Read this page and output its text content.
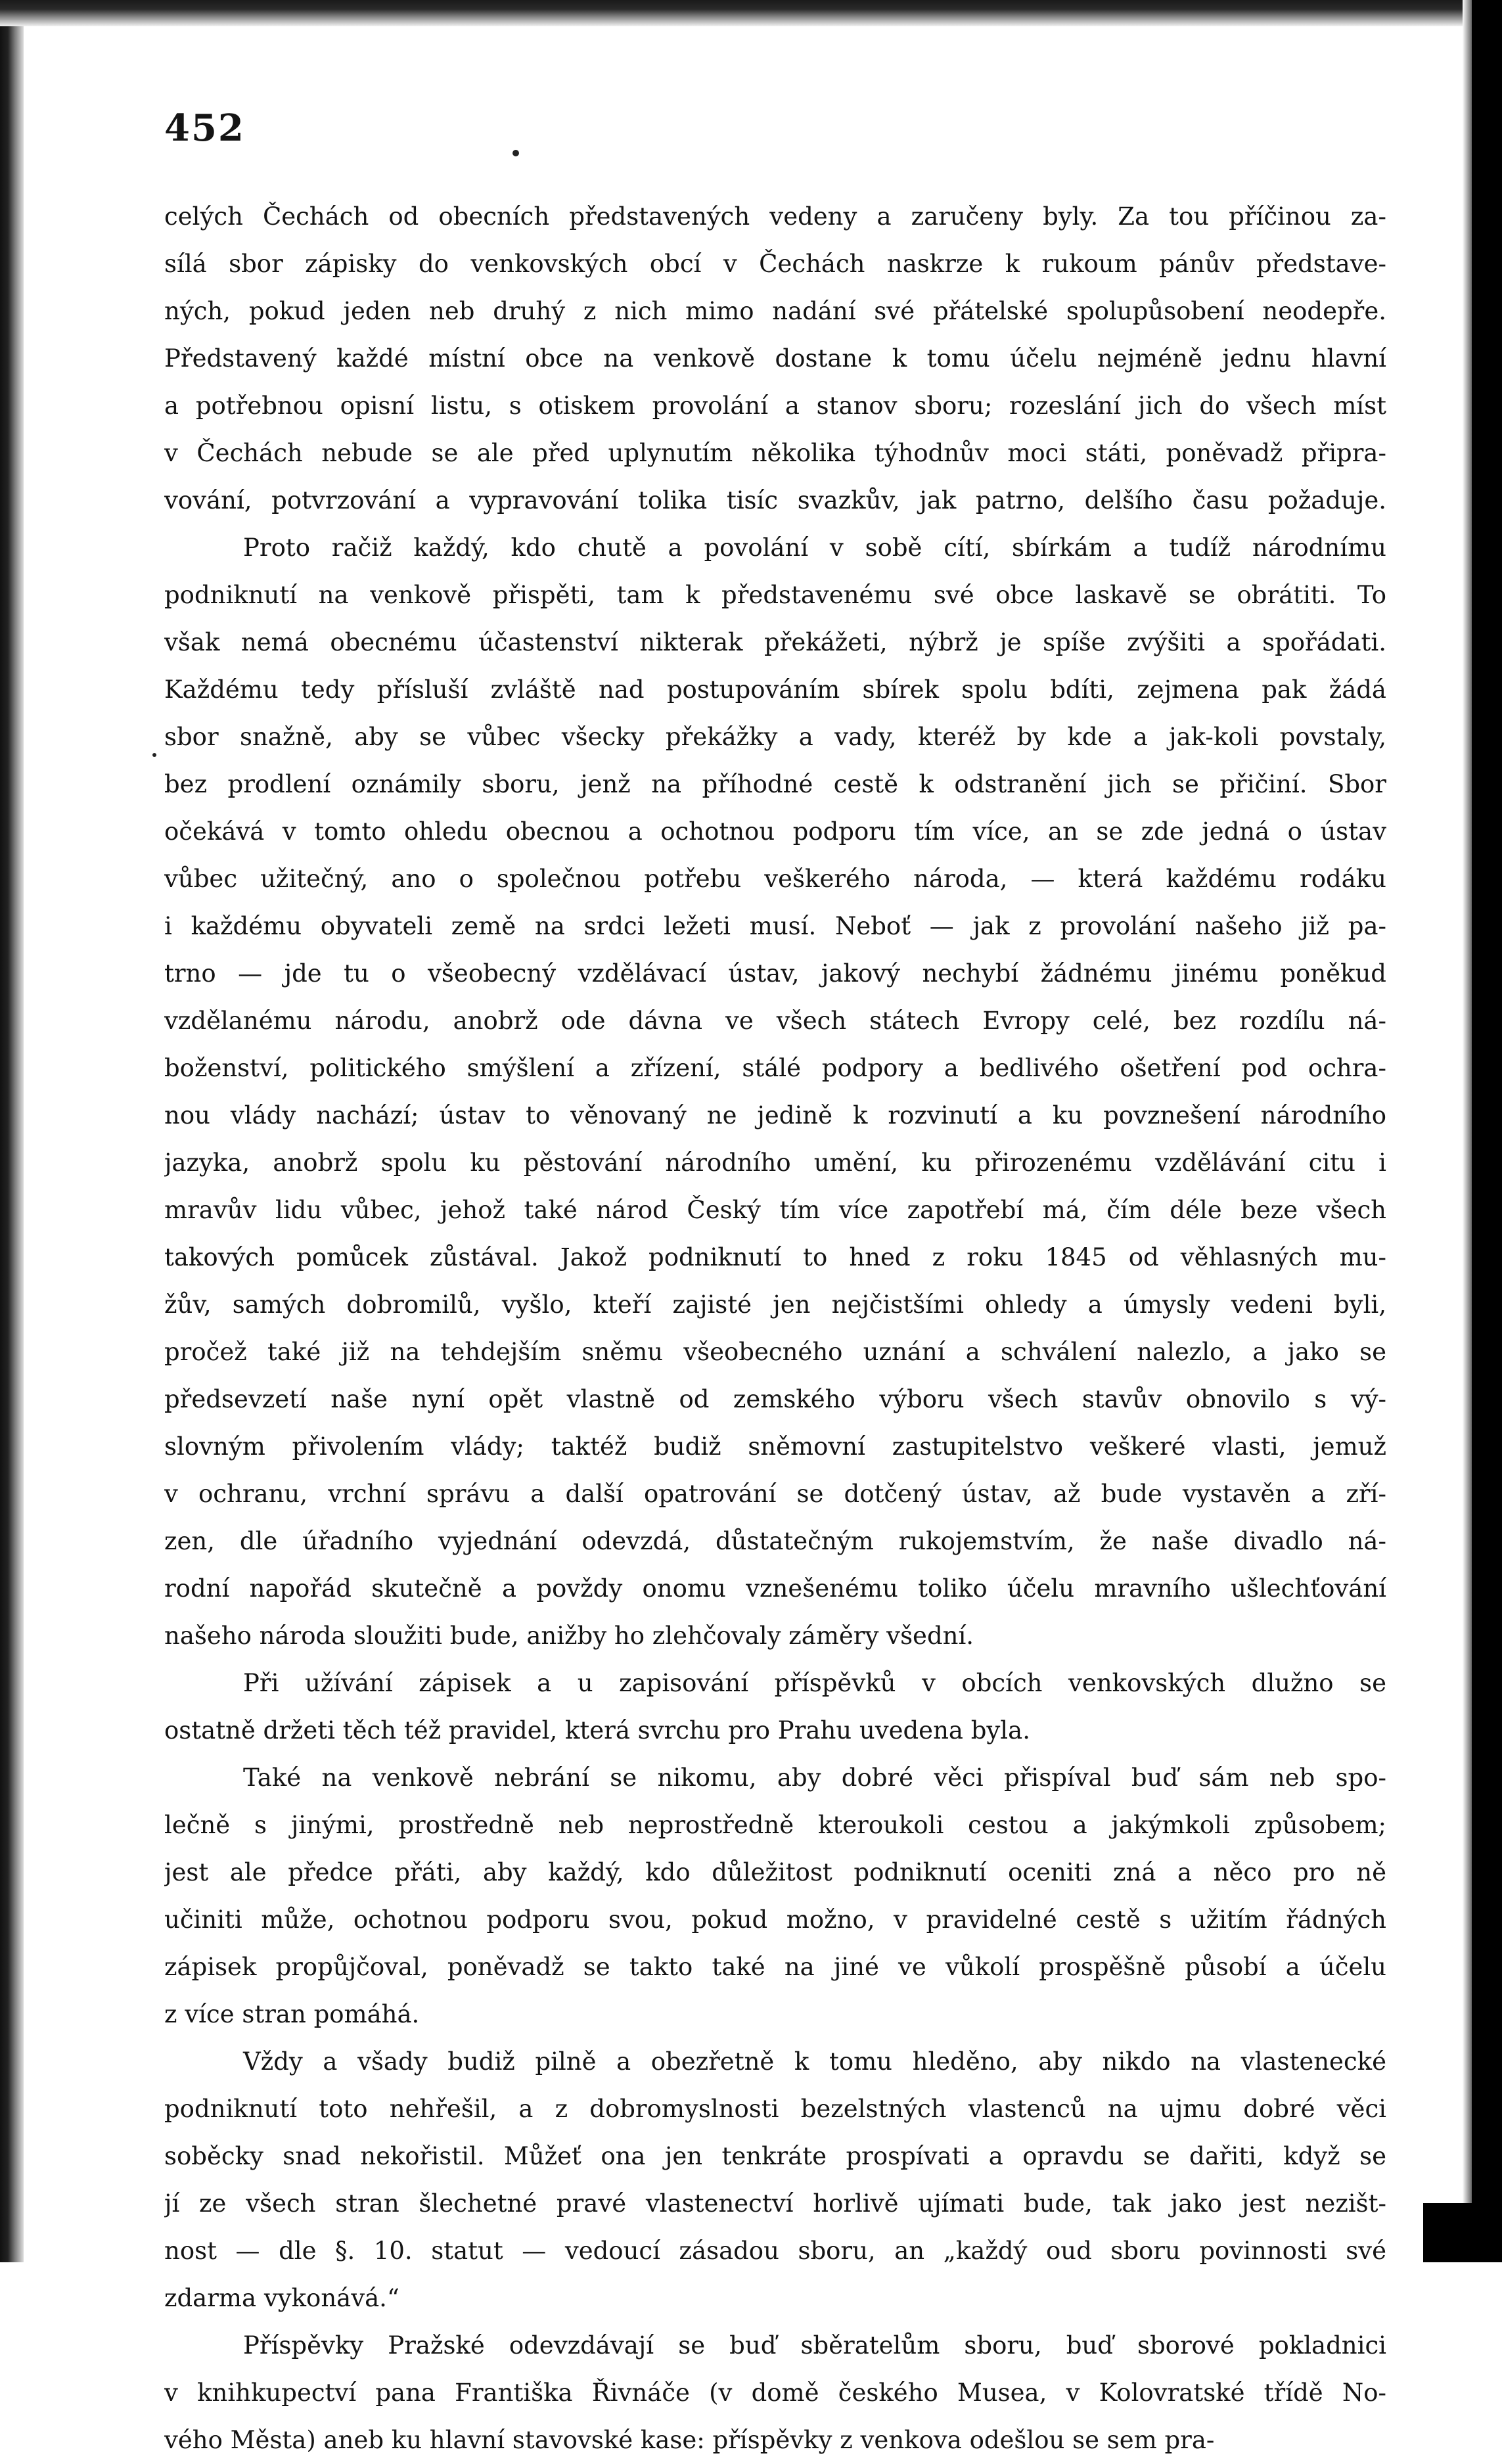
452
celých Čechách od obecních představených vedeny a zaručeny byly. Za tou příčinou za-
sílá sbor zápisky do venkovských obcí v Čechách naskrze k rukoum pánův představe-
ných, pokud jeden neb druhý z nich mimo nadání své přátelské spolupůsobení neodepře.
Představený každé místní obce na venkově dostane k tomu účelu nejméně jednu hlavní
a potřebnou opisní listu, s otiskem provolání a stanov sboru; rozeslání jich do všech míst
v Čechách nebude se ale před uplynutím několika týhodnův moci státi, poněvadž připra-
vování, potvrzování a vypravování tolika tisíc svazkův, jak patrno, delšího času požaduje.
Proto račiž každý, kdo chutě a povolání v sobě cítí, sbírkám a tudíž národnímu
podniknutí na venkově přispěti, tam k představenému své obce laskavě se obrátiti. To
však nemá obecnému účastenství nikterak překážeti, nýbrž je spíše zvýšiti a spořádati.
Každému tedy přísluší zvláště nad postupováním sbírek spolu bdíti, zejmena pak žádá
sbor snažně, aby se vůbec všecky překážky a vady, kteréž by kde a jak-koli povstaly,
bez prodlení oznámily sboru, jenž na příhodné cestě k odstranění jich se přičiní. Sbor
očekává v tomto ohledu obecnou a ochotnou podporu tím více, an se zde jedná o ústav
vůbec užitečný, ano o společnou potřebu veškerého národa, — která každému rodáku
i každému obyvateli země na srdci ležeti musí. Neboť — jak z provolání našeho již pa-
trno — jde tu o všeobecný vzdělávací ústav, jakový nechybí žádnému jinému poněkud
vzdělanému národu, anobrž ode dávna ve všech státech Evropy celé, bez rozdílu ná-
boženství, politického smýšlení a zřízení, stálé podpory a bedlivého ošetření pod ochra-
nou vlády nachází; ústav to věnovaný ne jedině k rozvinutí a ku povznešení národního
jazyka, anobrž spolu ku pěstování národního umění, ku přirozenému vzdělávání citu i
mravův lidu vůbec, jehož také národ Český tím více zapotřebí má, čím déle beze všech
takových pomůcek zůstával. Jakož podniknutí to hned z roku 1845 od věhlasných mu-
žův, samých dobromilů, vyšlo, kteří zajisté jen nejčistšími ohledy a úmysly vedeni byli,
pročež také již na tehdejším sněmu všeobecného uznání a schválení nalezlo, a jako se
předsevzetí naše nyní opět vlastně od zemského výboru všech stavův obnovilo s vý-
slovným přivolením vlády; taktéž budiž sněmovní zastupitelstvo veškeré vlasti, jemuž
v ochranu, vrchní správu a další opatrování se dotčený ústav, až bude vystavěn a zří-
zen, dle úřadního vyjednání odevzdá, důstatečným rukojemstvím, že naše divadlo ná-
rodní napořád skutečně a povždy onomu vznešenému toliko účelu mravního ušlechťování
našeho národa sloužiti bude, anižby ho zlehčovaly záměry všední.
Při užívání zápisek a u zapisování příspěvků v obcích venkovských dlužno se
ostatně držeti těch též pravidel, která svrchu pro Prahu uvedena byla.
Také na venkově nebrání se nikomu, aby dobré věci přispíval buď sám neb spo-
lečně s jinými, prostředně neb neprostředně kteroukoli cestou a jakýmkoli způsobem;
jest ale předce přáti, aby každý, kdo důležitost podniknutí oceniti zná a něco pro ně
učiniti může, ochotnou podporu svou, pokud možno, v pravidelné cestě s užitím řádných
zápisek propůjčoval, poněvadž se takto také na jiné ve vůkolí prospěšně působí a účelu
z více stran pomáhá.
Vždy a všady budiž pilně a obezřetně k tomu hleděno, aby nikdo na vlastenecké
podniknutí toto nehřešil, a z dobromyslnosti bezelstných vlastenců na ujmu dobré věci
soběcky snad nekořistil. Můžeť ona jen tenkráte prospívati a opravdu se dařiti, když se
jí ze všech stran šlechetné pravé vlastenectví horlivě ujímati bude, tak jako jest nezišt-
nost — dle §. 10. statut — vedoucí zásadou sboru, an „každý oud sboru povinnosti své
zdarma vykonává.“
Příspěvky Pražské odevzdávají se buď sběratelům sboru, buď sborové pokladnici
v knihkupectví pana Františka Řivnáče (v domě českého Musea, v Kolovratské třídě No-
vého Města) aneb ku hlavní stavovské kase: příspěvky z venkova odešlou se sem pra-
